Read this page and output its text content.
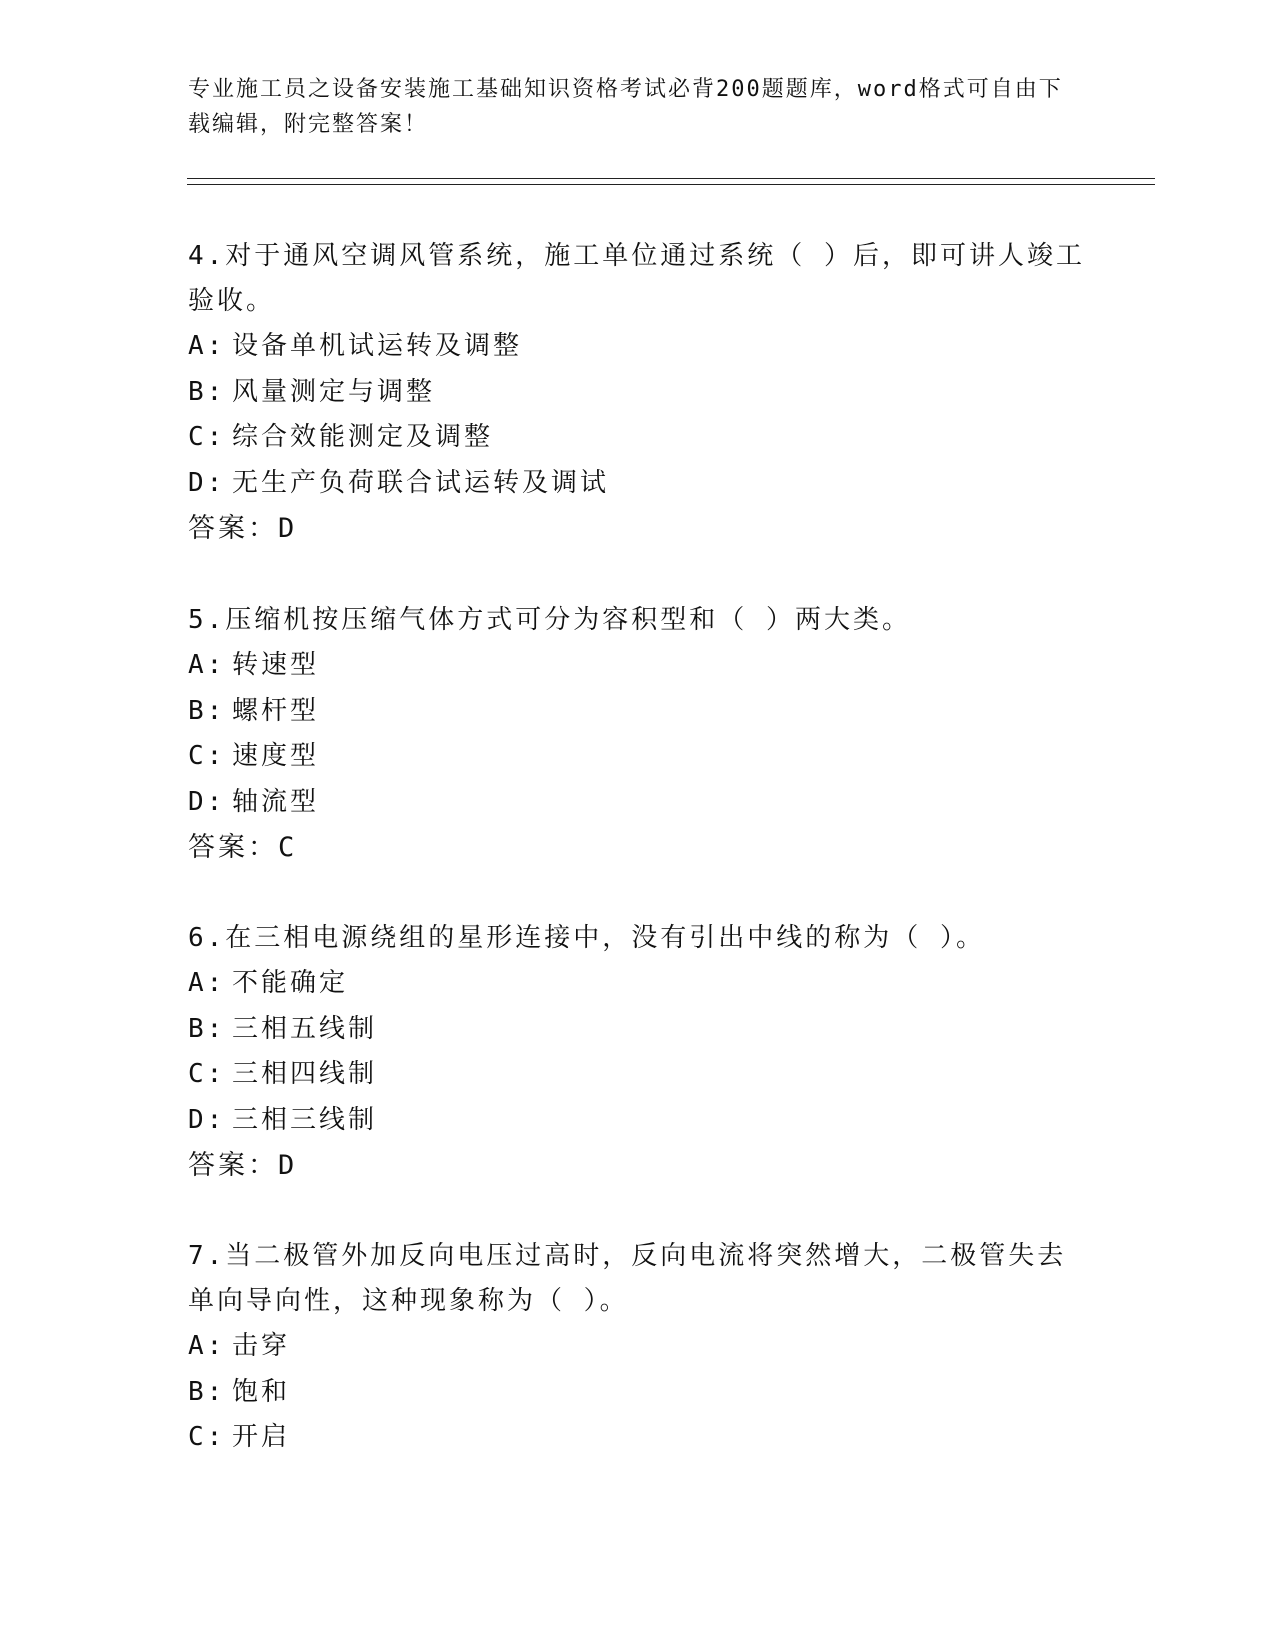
专业施工员之设备安装施工基础知识资格考试必背200题题库，word格式可自由下载编辑，附完整答案！
4.对于通风空调风管系统，施工单位通过系统（ ）后，即可讲人竣工验收。
A: 设备单机试运转及调整
B: 风量测定与调整
C: 综合效能测定及调整
D: 无生产负荷联合试运转及调试
答案：D
5.压缩机按压缩气体方式可分为容积型和（ ）两大类。
A: 转速型
B: 螺杆型
C: 速度型
D: 轴流型
答案：C
6.在三相电源绕组的星形连接中，没有引出中线的称为（ ）。
A: 不能确定
B: 三相五线制
C: 三相四线制
D: 三相三线制
答案：D
7.当二极管外加反向电压过高时，反向电流将突然增大，二极管失去单向导向性，这种现象称为（ ）。
A: 击穿
B: 饱和
C: 开启
